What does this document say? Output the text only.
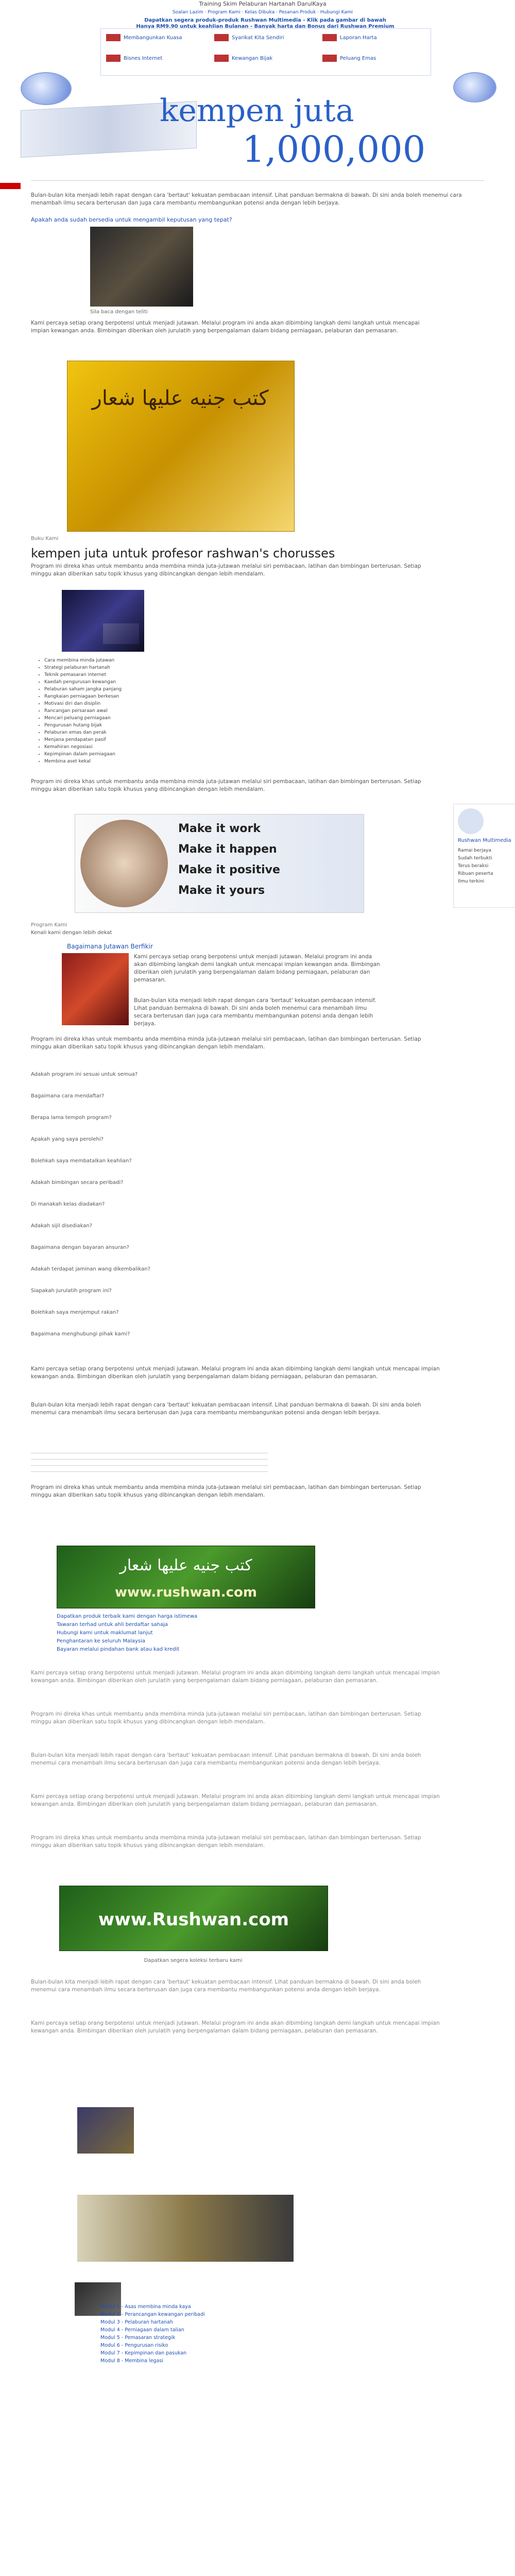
Training Skim Pelaburan Hartanah DarulKaya
Soalan Lazim · Program Kami · Kelas Dibuka · Pesanan Produk · Hubungi Kami
Dapatkan segera produk-produk Rushwan Multimedia - Klik pada gambar di bawah
Hanya RM9.90 untuk keahlian Bulanan - Banyak harta dan Bonus dari Rushwan Premium
Membangunkan Kuasa	Syarikat Kita Sendiri	Laporan Harta
Bisnes Internet	Kewangan Bijak	Peluang Emas
kempen juta
1,000,000
Bulan-bulan kita menjadi lebih rapat dengan cara 'bertaut' kekuatan pembacaan intensif. Lihat panduan bermakna di bawah. Di sini anda boleh menemui cara menambah ilmu secara berterusan dan juga cara membantu membangunkan potensi anda dengan lebih berjaya.
Apakah anda sudah bersedia untuk mengambil keputusan yang tepat?
Sila baca dengan teliti
Kami percaya setiap orang berpotensi untuk menjadi jutawan. Melalui program ini anda akan dibimbing langkah demi langkah untuk mencapai impian kewangan anda. Bimbingan diberikan oleh jurulatih yang berpengalaman dalam bidang perniagaan, pelaburan dan pemasaran.
كتب جنيه عليها شعار
Buku Kami
kempen juta untuk profesor rashwan's chorusses
Program ini direka khas untuk membantu anda membina minda juta-jutawan melalui siri pembacaan, latihan dan bimbingan berterusan. Setiap minggu akan diberikan satu topik khusus yang dibincangkan dengan lebih mendalam.
• Cara membina minda jutawan
• Strategi pelaburan hartanah
• Teknik pemasaran internet
• Kaedah pengurusan kewangan
• Pelaburan saham jangka panjang
• Rangkaian perniagaan berkesan
• Motivasi diri dan disiplin
• Rancangan persaraan awal
• Mencari peluang perniagaan
• Pengurusan hutang bijak
• Pelaburan emas dan perak
• Menjana pendapatan pasif
• Kemahiran negosiasi
• Kepimpinan dalam perniagaan
• Membina aset kekal
Program ini direka khas untuk membantu anda membina minda juta-jutawan melalui siri pembacaan, latihan dan bimbingan berterusan. Setiap minggu akan diberikan satu topik khusus yang dibincangkan dengan lebih mendalam.
Make it work
Make it happen
Make it positive
Make it yours
Rushwan Multimedia
Ramai berjaya
Sudah terbukti
Terus beraksi
Ribuan peserta
Ilmu terkini
Program Kami
Kenali kami dengan lebih dekat
Bagaimana Jutawan Berfikir
Kami percaya setiap orang berpotensi untuk menjadi jutawan. Melalui program ini anda akan dibimbing langkah demi langkah untuk mencapai impian kewangan anda. Bimbingan diberikan oleh jurulatih yang berpengalaman dalam bidang perniagaan, pelaburan dan pemasaran.
Bulan-bulan kita menjadi lebih rapat dengan cara 'bertaut' kekuatan pembacaan intensif. Lihat panduan bermakna di bawah. Di sini anda boleh menemui cara menambah ilmu secara berterusan dan juga cara membantu membangunkan potensi anda dengan lebih berjaya.
Program ini direka khas untuk membantu anda membina minda juta-jutawan melalui siri pembacaan, latihan dan bimbingan berterusan. Setiap minggu akan diberikan satu topik khusus yang dibincangkan dengan lebih mendalam.
Adakah program ini sesuai untuk semua?
Bagaimana cara mendaftar?
Berapa lama tempoh program?
Apakah yang saya perolehi?
Bolehkah saya membatalkan keahlian?
Adakah bimbingan secara peribadi?
Di manakah kelas diadakan?
Adakah sijil disediakan?
Bagaimana dengan bayaran ansuran?
Adakah terdapat jaminan wang dikembalikan?
Siapakah jurulatih program ini?
Bolehkah saya menjemput rakan?
Bagaimana menghubungi pihak kami?
Kami percaya setiap orang berpotensi untuk menjadi jutawan. Melalui program ini anda akan dibimbing langkah demi langkah untuk mencapai impian kewangan anda. Bimbingan diberikan oleh jurulatih yang berpengalaman dalam bidang perniagaan, pelaburan dan pemasaran.
Bulan-bulan kita menjadi lebih rapat dengan cara 'bertaut' kekuatan pembacaan intensif. Lihat panduan bermakna di bawah. Di sini anda boleh menemui cara menambah ilmu secara berterusan dan juga cara membantu membangunkan potensi anda dengan lebih berjaya.
Program ini direka khas untuk membantu anda membina minda juta-jutawan melalui siri pembacaan, latihan dan bimbingan berterusan. Setiap minggu akan diberikan satu topik khusus yang dibincangkan dengan lebih mendalam.
كتب جنيه عليها شعار
www.rushwan.com
Dapatkan produk terbaik kami dengan harga istimewa
Tawaran terhad untuk ahli berdaftar sahaja
Hubungi kami untuk maklumat lanjut
Penghantaran ke seluruh Malaysia
Bayaran melalui pindahan bank atau kad kredit
Kami percaya setiap orang berpotensi untuk menjadi jutawan. Melalui program ini anda akan dibimbing langkah demi langkah untuk mencapai impian kewangan anda. Bimbingan diberikan oleh jurulatih yang berpengalaman dalam bidang perniagaan, pelaburan dan pemasaran.
Program ini direka khas untuk membantu anda membina minda juta-jutawan melalui siri pembacaan, latihan dan bimbingan berterusan. Setiap minggu akan diberikan satu topik khusus yang dibincangkan dengan lebih mendalam.
Bulan-bulan kita menjadi lebih rapat dengan cara 'bertaut' kekuatan pembacaan intensif. Lihat panduan bermakna di bawah. Di sini anda boleh menemui cara menambah ilmu secara berterusan dan juga cara membantu membangunkan potensi anda dengan lebih berjaya.
Kami percaya setiap orang berpotensi untuk menjadi jutawan. Melalui program ini anda akan dibimbing langkah demi langkah untuk mencapai impian kewangan anda. Bimbingan diberikan oleh jurulatih yang berpengalaman dalam bidang perniagaan, pelaburan dan pemasaran.
Program ini direka khas untuk membantu anda membina minda juta-jutawan melalui siri pembacaan, latihan dan bimbingan berterusan. Setiap minggu akan diberikan satu topik khusus yang dibincangkan dengan lebih mendalam.
www.Rushwan.com
Dapatkan segera koleksi terbaru kami
Bulan-bulan kita menjadi lebih rapat dengan cara 'bertaut' kekuatan pembacaan intensif. Lihat panduan bermakna di bawah. Di sini anda boleh menemui cara menambah ilmu secara berterusan dan juga cara membantu membangunkan potensi anda dengan lebih berjaya.
Kami percaya setiap orang berpotensi untuk menjadi jutawan. Melalui program ini anda akan dibimbing langkah demi langkah untuk mencapai impian kewangan anda. Bimbingan diberikan oleh jurulatih yang berpengalaman dalam bidang perniagaan, pelaburan dan pemasaran.
Modul 1 - Asas membina minda kaya
Modul 2 - Perancangan kewangan peribadi
Modul 3 - Pelaburan hartanah
Modul 4 - Perniagaan dalam talian
Modul 5 - Pemasaran strategik
Modul 6 - Pengurusan risiko
Modul 7 - Kepimpinan dan pasukan
Modul 8 - Membina legasi
